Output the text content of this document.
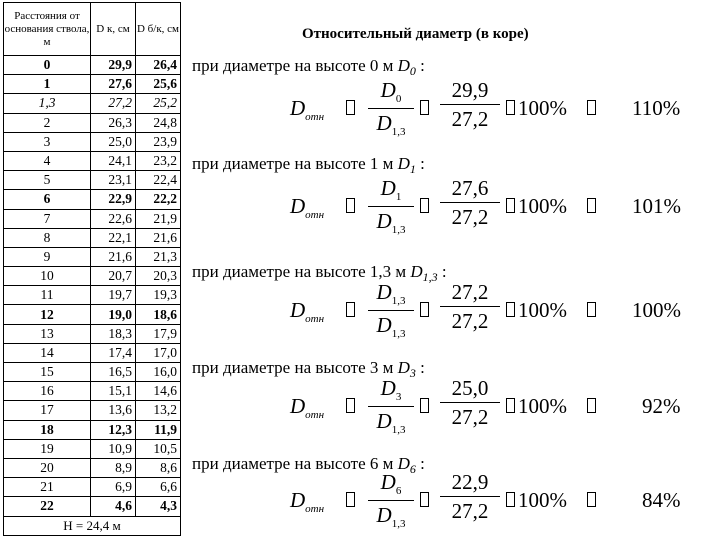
Расстояния от основания ствола, м	D к, см	D б/к, см
0	29,9	26,4
1	27,6	25,6
1,3	27,2	25,2
2	26,3	24,8
3	25,0	23,9
4	24,1	23,2
5	23,1	22,4
6	22,9	22,2
7	22,6	21,9
8	22,1	21,6
9	21,6	21,3
10	20,7	20,3
11	19,7	19,3
12	19,0	18,6
13	18,3	17,9
14	17,4	17,0
15	16,5	16,0
16	15,1	14,6
17	13,6	13,2
18	12,3	11,9
19	10,9	10,5
20	8,9	8,6
21	6,9	6,6
22	4,6	4,3
H = 24,4 м		
Относительный диаметр (в коре)
при диаметре на высоте 0 м $D_0$ :
$D_{отн}$
$D_0$
$D_{1,3}$
29,9
27,2	100%	110%
при диаметре на высоте 1 м $D_1$ :
$D_{отн}$
$D_1$
$D_{1,3}$
27,6
27,2	100%	101%
при диаметре на высоте 1,3 м $D_{1,3}$ :
$D_{отн}$
$D_{1,3}$
$D_{1,3}$
27,2
27,2	100%	100%
при диаметре на высоте 3 м $D_3$ :
$D_{отн}$
$D_3$
$D_{1,3}$
25,0
27,2	100%	92%
при диаметре на высоте 6 м $D_6$ :
$D_{отн}$
$D_6$
$D_{1,3}$
22,9
27,2	100%	84%
